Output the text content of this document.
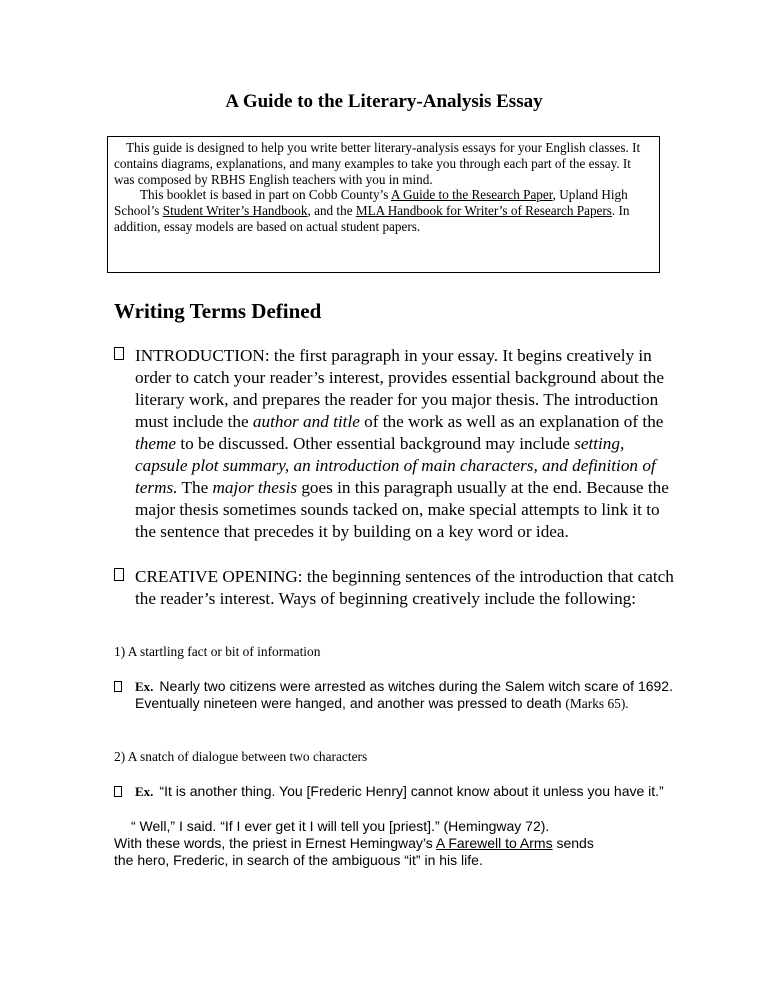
A Guide to the Literary-Analysis Essay

This guide is designed to help you write better literary-analysis essays for your English classes. It contains diagrams, explanations, and many examples to take you through each part of the essay. It was composed by RBHS English teachers with you in mind.

This booklet is based in part on Cobb County’s A Guide to the Research Paper, Upland High School’s Student Writer’s Handbook, and the MLA Handbook for Writer’s of Research Papers. In addition, essay models are based on actual student papers.

Writing Terms Defined
INTRODUCTION: the first paragraph in your essay. It begins creatively in order to catch your reader’s interest, provides essential background about the literary work, and prepares the reader for you major thesis. The introduction must include the author and title of the work as well as an explanation of the theme to be discussed. Other essential background may include setting, capsule plot summary, an introduction of main characters, and definition of terms. The major thesis goes in this paragraph usually at the end. Because the major thesis sometimes sounds tacked on, make special attempts to link it to the sentence that precedes it by building on a key word or idea.
CREATIVE OPENING: the beginning sentences of the introduction that catch the reader’s interest. Ways of beginning creatively include the following:
1) A startling fact or bit of information
Ex. Nearly two citizens were arrested as witches during the Salem witch scare of 1692. Eventually nineteen were hanged, and another was pressed to death (Marks 65).
2) A snatch of dialogue between two characters
Ex. “It is another thing. You [Frederic Henry] cannot know about it unless you have it.”
“ Well,” I said. “If I ever get it I will tell you [priest].” (Hemingway 72).
With these words, the priest in Ernest Hemingway’s A Farewell to Arms sends
the hero, Frederic, in search of the ambiguous “it” in his life.
